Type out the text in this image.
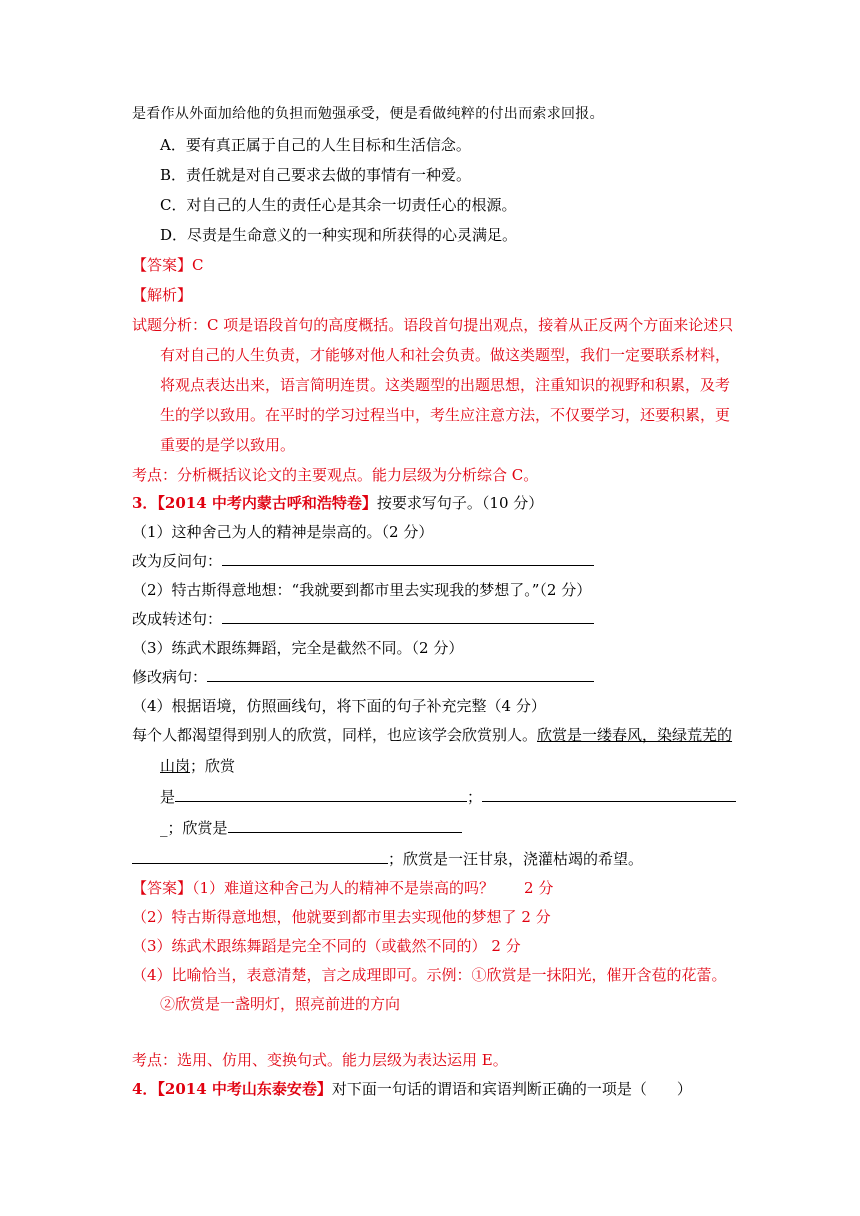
是看作从外面加给他的负担而勉强承受，便是看做纯粹的付出而索求回报。
A．要有真正属于自己的人生目标和生活信念。
B．责任就是对自己要求去做的事情有一种爱。
C．对自己的人生的责任心是其余一切责任心的根源。
D．尽责是生命意义的一种实现和所获得的心灵满足。
【答案】C
【解析】
试题分析：C 项是语段首句的高度概括。语段首句提出观点，接着从正反两个方面来论述只
有对自己的人生负责，才能够对他人和社会负责。做这类题型，我们一定要联系材料，
将观点表达出来，语言简明连贯。这类题型的出题思想，注重知识的视野和积累，及考
生的学以致用。在平时的学习过程当中，考生应注意方法，不仅要学习，还要积累，更
重要的是学以致用。
考点：分析概括议论文的主要观点。能力层级为分析综合 C。
3．【2014 中考内蒙古呼和浩特卷】按要求写句子。（10 分）
（1）这种舍己为人的精神是崇高的。（2 分）
改为反问句：
（2）特古斯得意地想：“我就要到都市里去实现我的梦想了。”（2 分）
改成转述句：
（3）练武术跟练舞蹈，完全是截然不同。（2 分）
修改病句：
（4）根据语境，仿照画线句，将下面的句子补充完整（4 分）
每个人都渴望得到别人的欣赏，同样，也应该学会欣赏别人。欣赏是一缕春风，染绿荒芜的
山岗；欣赏
是	；
_；欣赏是
；欣赏是一汪甘泉，浇灌枯竭的希望。
【答案】（1）难道这种舍己为人的精神不是崇高的吗？　　2 分
（2）特古斯得意地想，他就要到都市里去实现他的梦想了 2 分
（3）练武术跟练舞蹈是完全不同的（或截然不同的） 2 分
（4）比喻恰当，表意清楚，言之成理即可。示例：①欣赏是一抹阳光，催开含苞的花蕾。
②欣赏是一盏明灯，照亮前进的方向
考点：选用、仿用、变换句式。能力层级为表达运用 E。
4．【2014 中考山东泰安卷】对下面一句话的谓语和宾语判断正确的一项是（　　）
